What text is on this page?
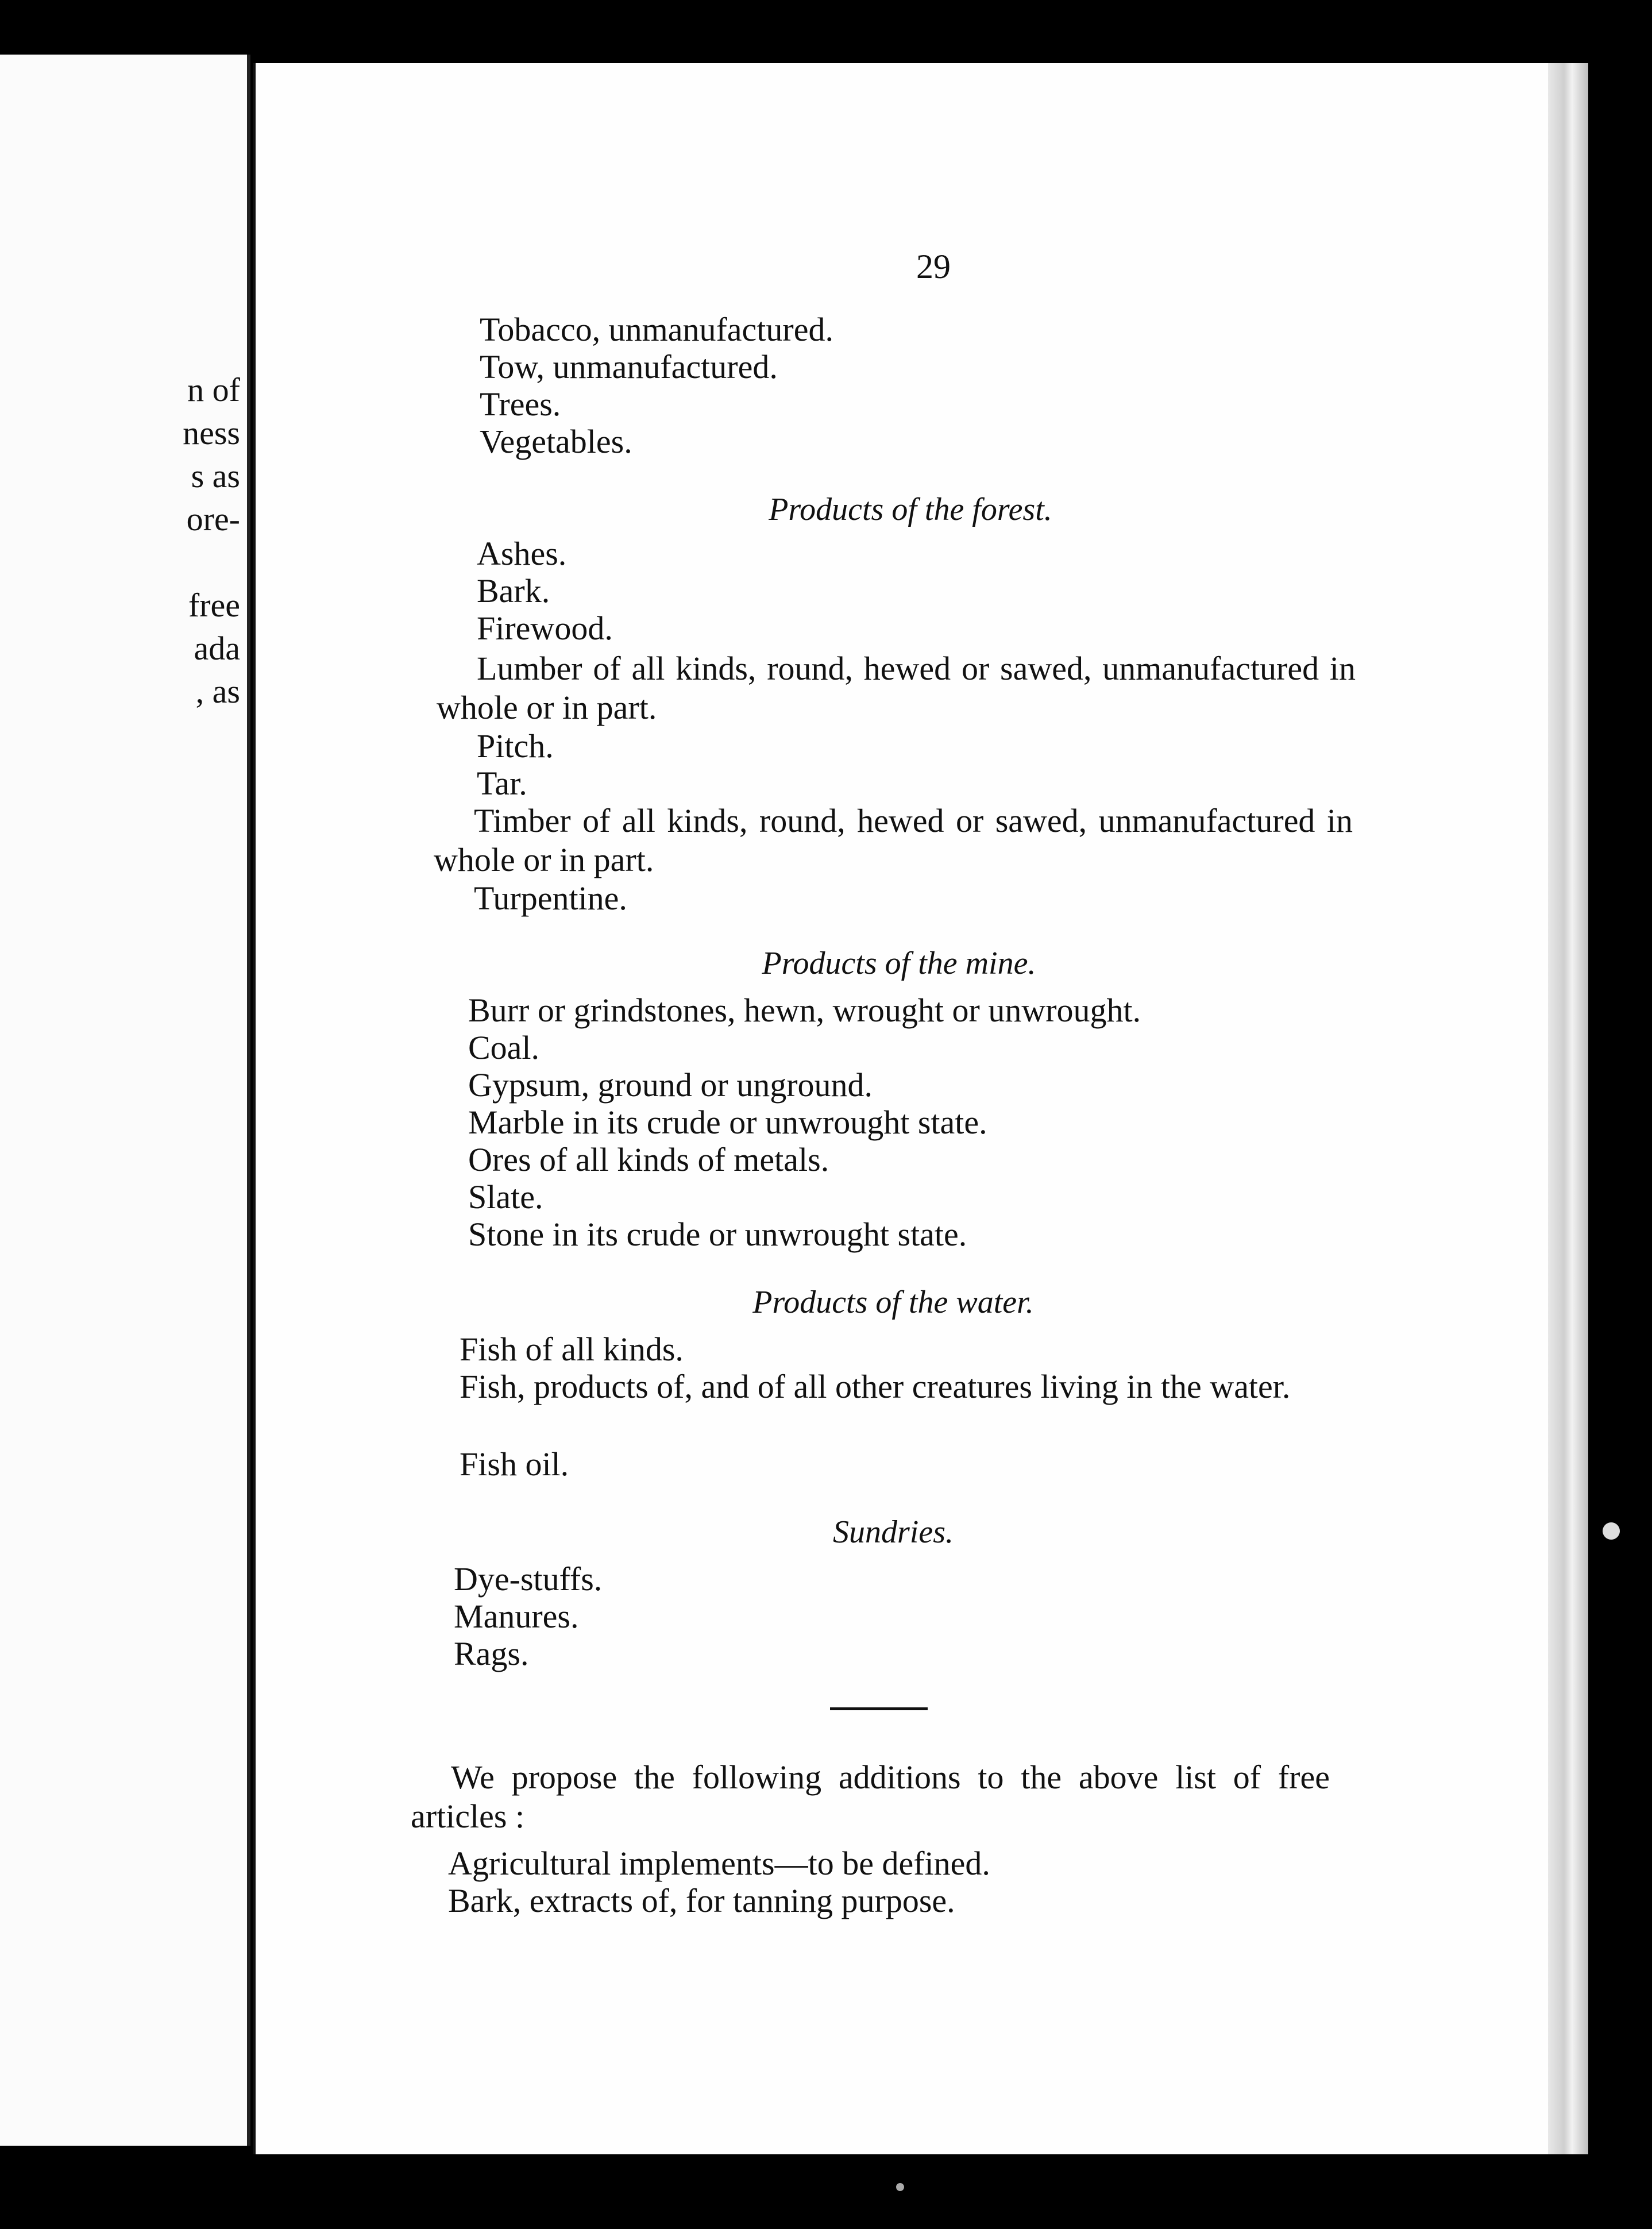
n of
ness
s as
ore-
free
ada
, as
29
Tobacco, unmanufactured.
Tow, unmanufactured.
Trees.
Vegetables.
Products of the forest.
Ashes.
Bark.
Firewood.
Lumber of all kinds, round, hewed or sawed, unmanufactured in whole or in part.
Pitch.
Tar.
Timber of all kinds, round, hewed or sawed, unmanufactured in whole or in part.
Turpentine.
Products of the mine.
Burr or grindstones, hewn, wrought or unwrought.
Coal.
Gypsum, ground or unground.
Marble in its crude or unwrought state.
Ores of all kinds of metals.
Slate.
Stone in its crude or unwrought state.
Products of the water.
Fish of all kinds.
Fish, products of, and of all other creatures living in the water.
Fish oil.
Sundries.
Dye-stuffs.
Manures.
Rags.
We propose the following additions to the above list of free articles :
Agricultural implements—to be defined.
Bark, extracts of, for tanning purpose.
